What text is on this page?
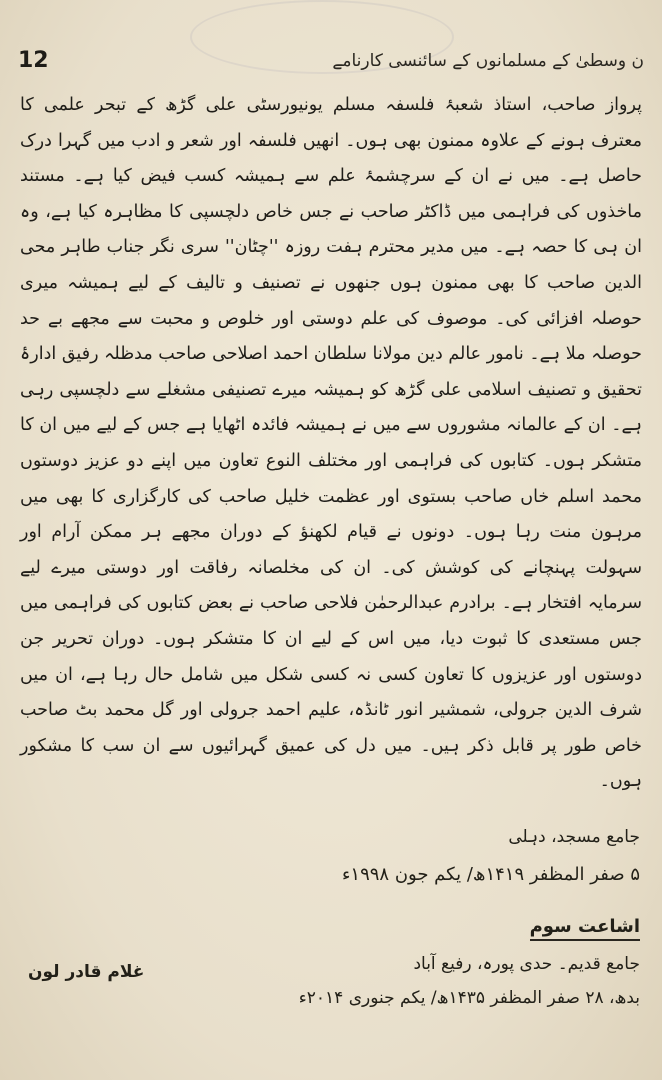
ن وسطیٰ کے مسلمانوں کے سائنسی کارنامے
12

پرواز صاحب، استاذ شعبۂ فلسفہ مسلم یونیورسٹی علی گڑھ کے تبحر علمی کا معترف ہونے کے علاوہ ممنون بھی ہوں۔ انھیں فلسفہ اور شعر و ادب میں گہرا درک حاصل ہے۔ میں نے ان کے سرچشمۂ علم سے ہمیشہ کسب فیض کیا ہے۔ مستند ماخذوں کی فراہمی میں ڈاکٹر صاحب نے جس خاص دلچسپی کا مظاہرہ کیا ہے، وہ ان ہی کا حصہ ہے۔ میں مدیر محترم ہفت روزہ ''چٹان'' سری نگر جناب طاہر محی الدین صاحب کا بھی ممنون ہوں جنھوں نے تصنیف و تالیف کے لیے ہمیشہ میری حوصلہ افزائی کی۔ موصوف کی علم دوستی اور خلوص و محبت سے مجھے بے حد حوصلہ ملا ہے۔ نامور عالم دین مولانا سلطان احمد اصلاحی صاحب مدظلہ رفیق ادارۂ تحقیق و تصنیف اسلامی علی گڑھ کو ہمیشہ میرے تصنیفی مشغلے سے دلچسپی رہی ہے۔ ان کے عالمانہ مشوروں سے میں نے ہمیشہ فائدہ اٹھایا ہے جس کے لیے میں ان کا متشکر ہوں۔ کتابوں کی فراہمی اور مختلف النوع تعاون میں اپنے دو عزیز دوستوں محمد اسلم خاں صاحب بستوی اور عظمت خلیل صاحب کی کارگزاری کا بھی میں مرہون منت رہا ہوں۔ دونوں نے قیام لکھنؤ کے دوران مجھے ہر ممکن آرام اور سہولت پہنچانے کی کوشش کی۔ ان کی مخلصانہ رفاقت اور دوستی میرے لیے سرمایہ افتخار ہے۔ برادرم عبدالرحمٰن فلاحی صاحب نے بعض کتابوں کی فراہمی میں جس مستعدی کا ثبوت دیا، میں اس کے لیے ان کا متشکر ہوں۔ دوران تحریر جن دوستوں اور عزیزوں کا تعاون کسی نہ کسی شکل میں شامل حال رہا ہے، ان میں شرف الدین جرولی، شمشیر انور ٹانڈہ، علیم احمد جرولی اور گل محمد بٹ صاحب خاص طور پر قابل ذکر ہیں۔ میں دل کی عمیق گہرائیوں سے ان سب کا مشکور ہوں۔

جامع مسجد، دہلی
۵ صفر المظفر ۱۴۱۹ھ/ یکم جون ۱۹۹۸ء
اشاعت سوم
جامع قدیم۔ حدی پورہ، رفیع آباد
بدھ، ۲۸ صفر المظفر ۱۴۳۵ھ/ یکم جنوری ۲۰۱۴ء
غلام قادر لون
